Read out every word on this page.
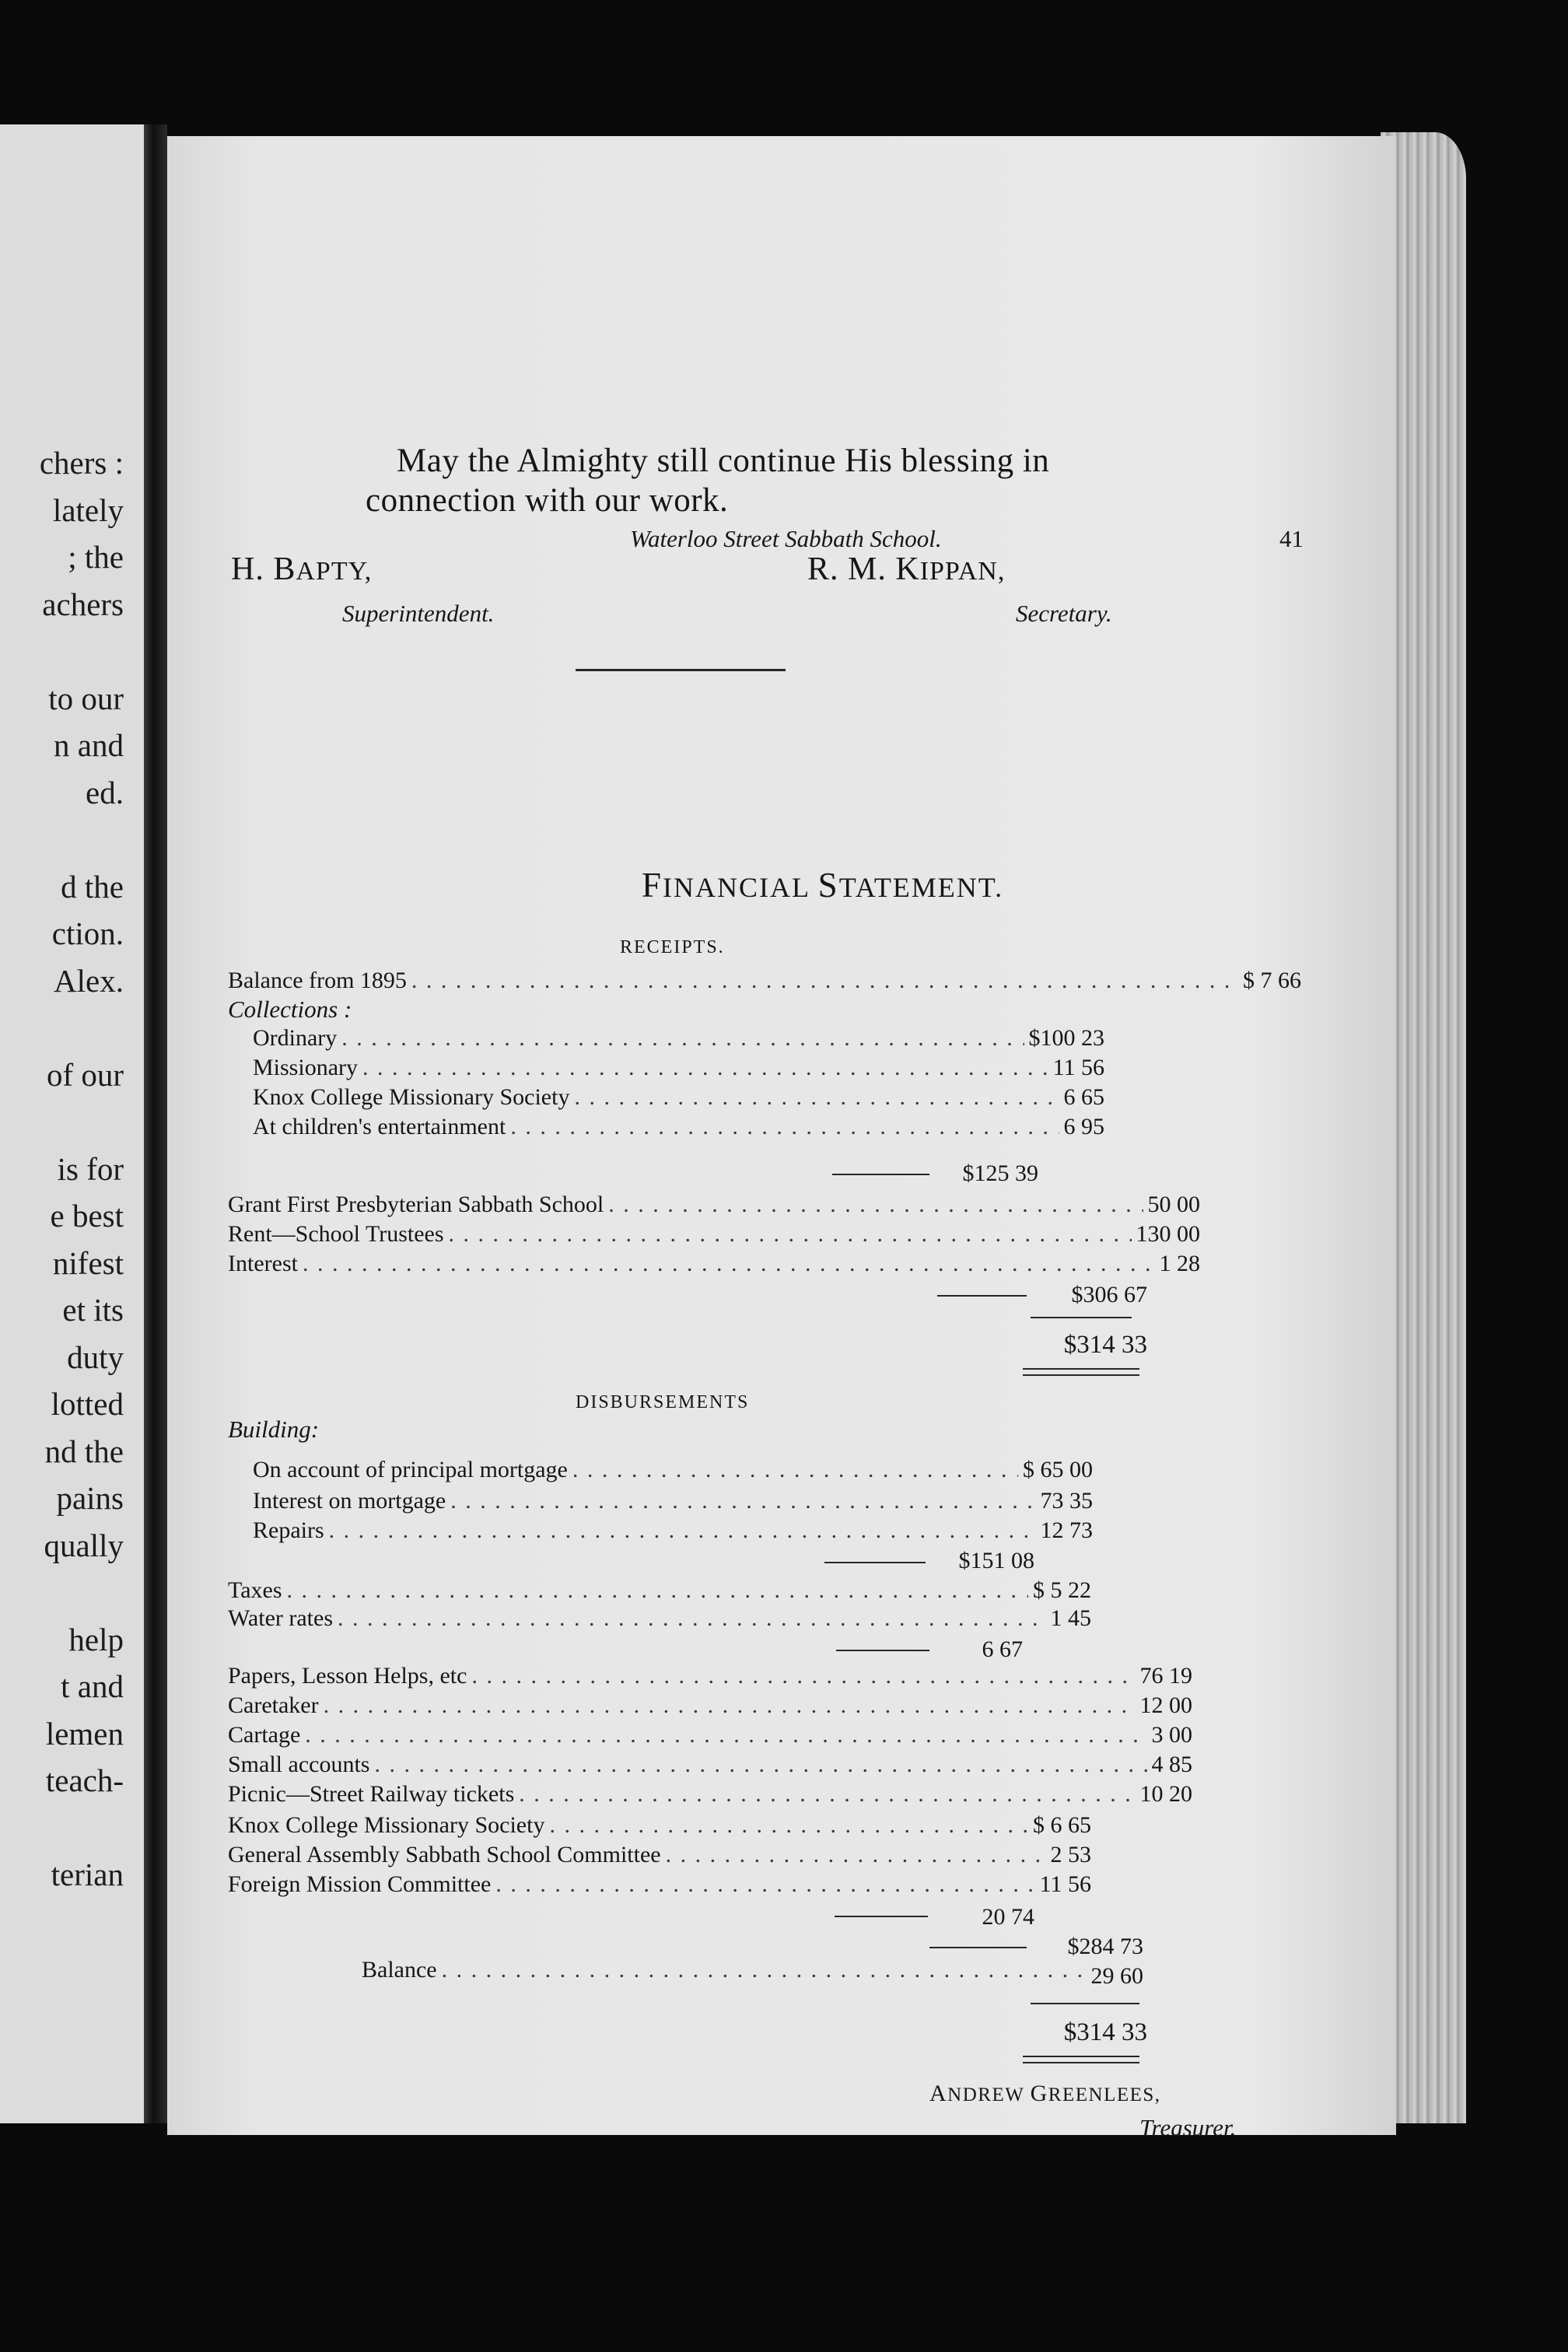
chers :
lately
; the
achers
to our
n and
ed.
d the
ction.
Alex.
of our
is for
e best
nifest
et its
duty
lotted
nd the
pains
qually
help
t and
lemen
teach-
terian
Waterloo Street Sabbath School.	41
May the Almighty still continue His blessing in
connection with our work.
H. BAPTY,
Superintendent.
R. M. KIPPAN,
Secretary.
FINANCIAL STATEMENT.
RECEIPTS.
Balance from 1895 . . .	$ 7 66
Collections :
Ordinary . . .	$100 23
Missionary . . .	11 56
Knox College Missionary Society . . .	6 65
At children's entertainment . . .	6 95
$125 39
Grant First Presbyterian Sabbath School . . .	50 00
Rent—School Trustees . . .	130 00
Interest . . .	1 28
$306 67
$314 33
DISBURSEMENTS
Building:
On account of principal mortgage . . .	$ 65 00
Interest on mortgage . . .	73 35
Repairs . . .	12 73
$151 08
Taxes . . .	$ 5 22
Water rates . . .	1 45
6 67
Papers, Lesson Helps, etc . . .	76 19
Caretaker . . .	12 00
Cartage . . .	3 00
Small accounts . . .	4 85
Picnic—Street Railway tickets . . .	10 20
Knox College Missionary Society . . .	$ 6 65
General Assembly Sabbath School Committee . . .	2 53
Foreign Mission Committee . . .	11 56
20 74
$284 73
Balance . . .	29 60
$314 33
ANDREW GREENLEES,
Treasurer.
